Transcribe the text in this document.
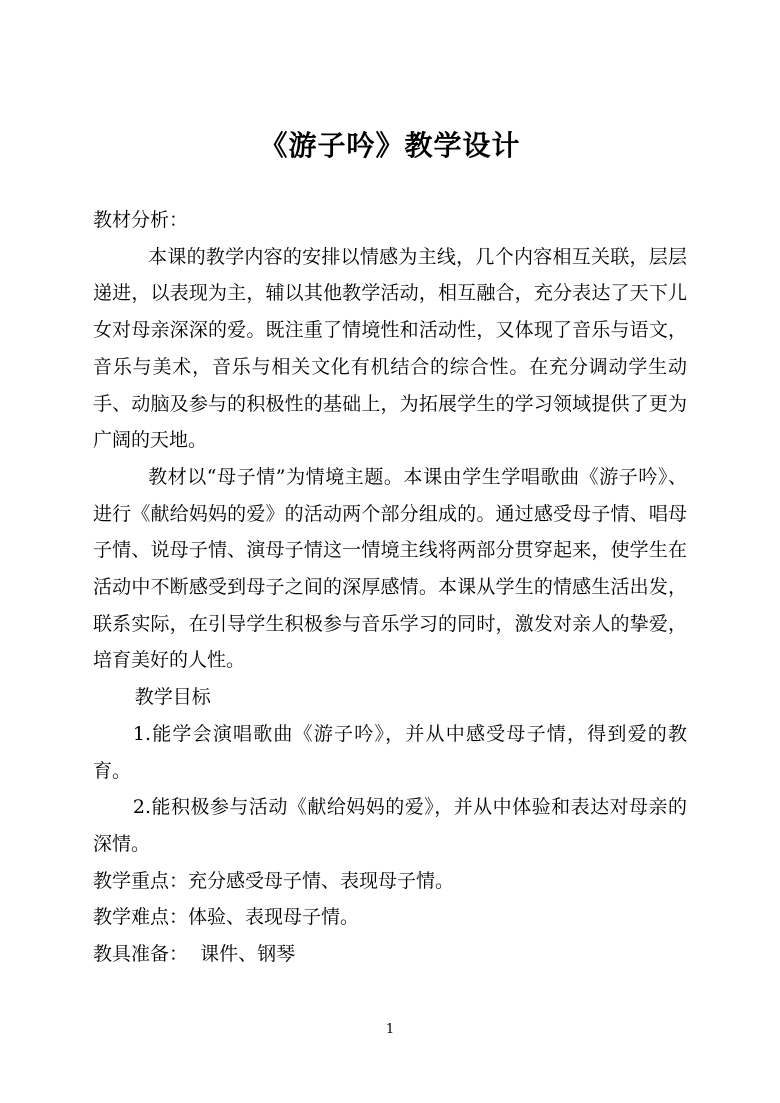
《游子吟》教学设计

教材分析：

本课的教学内容的安排以情感为主线，几个内容相互关联，层层递进，以表现为主，辅以其他教学活动，相互融合，充分表达了天下儿女对母亲深深的爱。既注重了情境性和活动性，又体现了音乐与语文，音乐与美术，音乐与相关文化有机结合的综合性。在充分调动学生动手、动脑及参与的积极性的基础上，为拓展学生的学习领域提供了更为广阔的天地。

教材以“母子情”为情境主题。本课由学生学唱歌曲《游子吟》、进行《献给妈妈的爱》的活动两个部分组成的。通过感受母子情、唱母子情、说母子情、演母子情这一情境主线将两部分贯穿起来，使学生在活动中不断感受到母子之间的深厚感情。本课从学生的情感生活出发，联系实际，在引导学生积极参与音乐学习的同时，激发对亲人的挚爱，培育美好的人性。

教学目标

1.能学会演唱歌曲《游子吟》，并从中感受母子情，得到爱的教育。

2.能积极参与活动《献给妈妈的爱》，并从中体验和表达对母亲的深情。

教学重点：充分感受母子情、表现母子情。

教学难点：体验、表现母子情。

教具准备：  课件、钢琴

1
